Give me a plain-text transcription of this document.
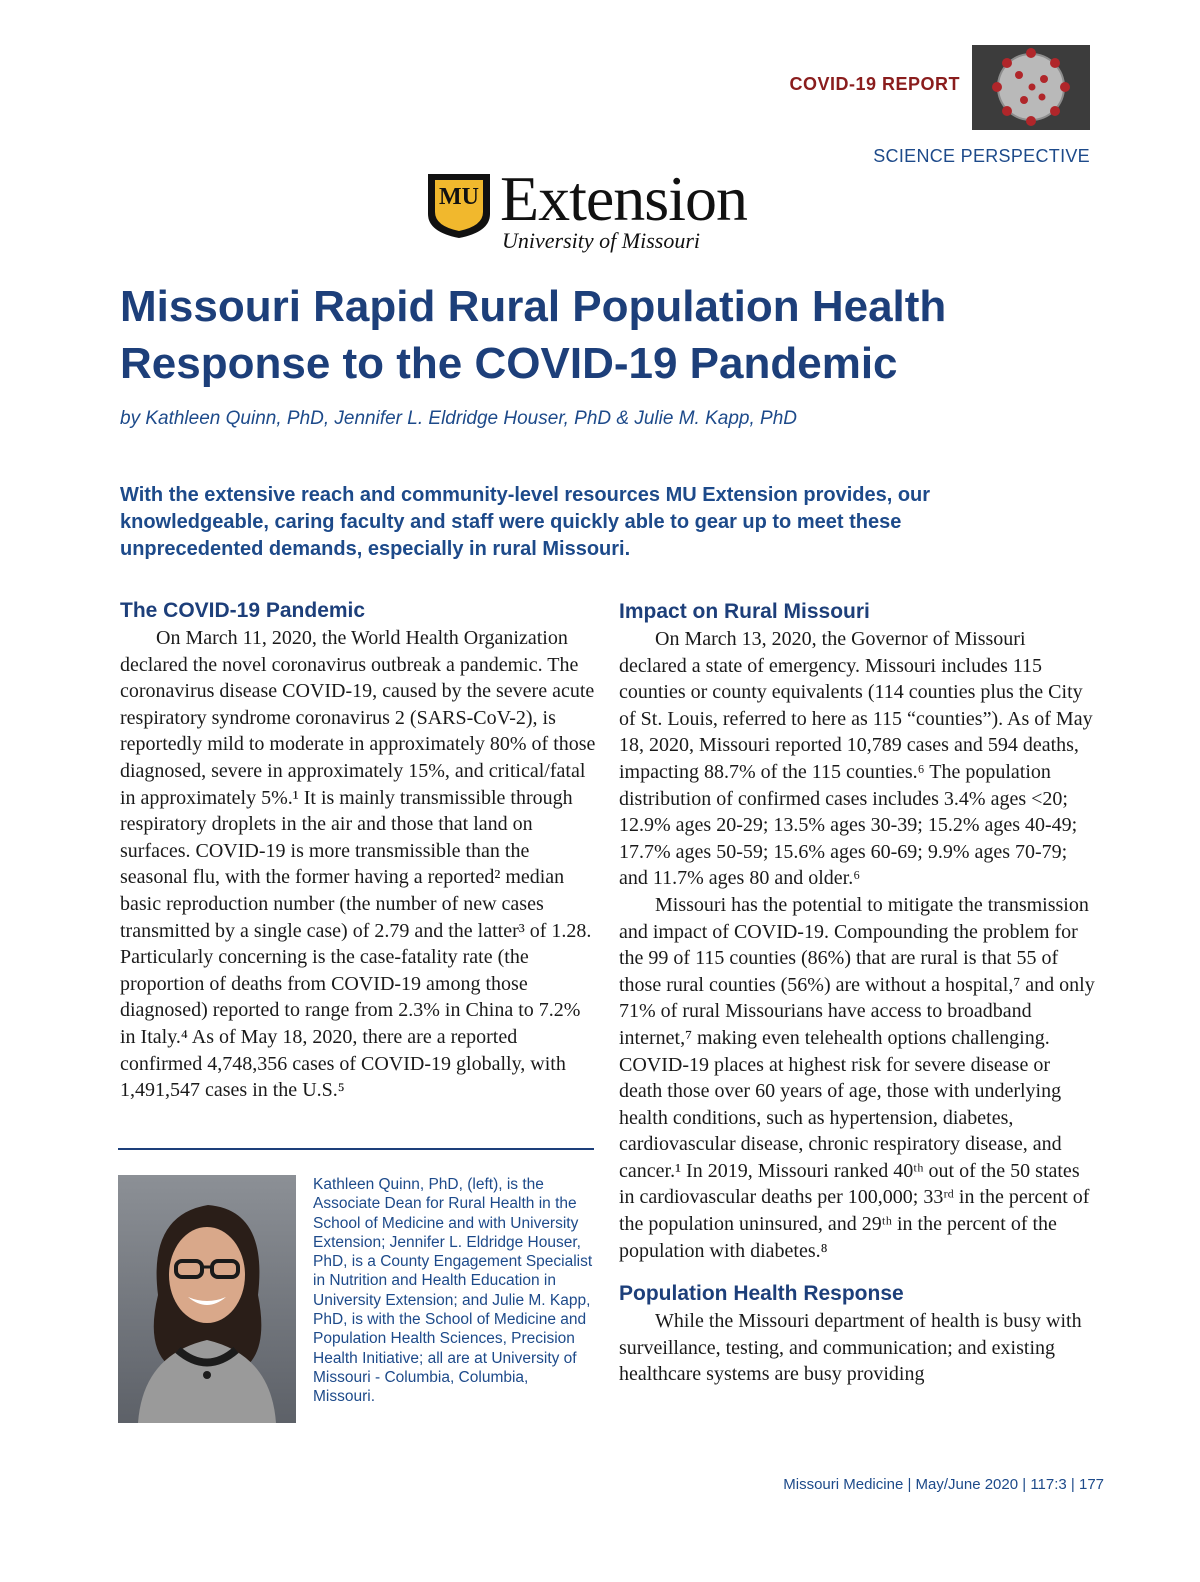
COVID-19 REPORT
SCIENCE PERSPECTIVE
MU Extension
University of Missouri
Missouri Rapid Rural Population Health
Response to the COVID-19 Pandemic
by Kathleen Quinn, PhD, Jennifer L. Eldridge Houser, PhD & Julie M. Kapp, PhD
With the extensive reach and community-level resources MU Extension provides, our knowledgeable, caring faculty and staff were quickly able to gear up to meet these unprecedented demands, especially in rural Missouri.
The COVID-19 Pandemic

On March 11, 2020, the World Health Organization declared the novel coronavirus outbreak a pandemic. The coronavirus disease COVID-19, caused by the severe acute respiratory syndrome coronavirus 2 (SARS-CoV-2), is reportedly mild to moderate in approximately 80% of those diagnosed, severe in approximately 15%, and critical/fatal in approximately 5%.¹ It is mainly transmissible through respiratory droplets in the air and those that land on surfaces. COVID-19 is more transmissible than the seasonal flu, with the former having a reported² median basic reproduction number (the number of new cases transmitted by a single case) of 2.79 and the latter³ of 1.28. Particularly concerning is the case-fatality rate (the proportion of deaths from COVID-19 among those diagnosed) reported to range from 2.3% in China to 7.2% in Italy.⁴ As of May 18, 2020, there are a reported confirmed 4,748,356 cases of COVID-19 globally, with 1,491,547 cases in the U.S.⁵

Kathleen Quinn, PhD, (left), is the Associate Dean for Rural Health in the School of Medicine and with University Extension; Jennifer L. Eldridge Houser, PhD, is a County Engagement Specialist in Nutrition and Health Education in University Extension; and Julie M. Kapp, PhD, is with the School of Medicine and Population Health Sciences, Precision Health Initiative; all are at University of Missouri - Columbia, Columbia, Missouri.
Impact on Rural Missouri

On March 13, 2020, the Governor of Missouri declared a state of emergency. Missouri includes 115 counties or county equivalents (114 counties plus the City of St. Louis, referred to here as 115 “counties”). As of May 18, 2020, Missouri reported 10,789 cases and 594 deaths, impacting 88.7% of the 115 counties.⁶ The population distribution of confirmed cases includes 3.4% ages <20; 12.9% ages 20-29; 13.5% ages 30-39; 15.2% ages 40-49; 17.7% ages 50-59; 15.6% ages 60-69; 9.9% ages 70-79; and 11.7% ages 80 and older.⁶

Missouri has the potential to mitigate the transmission and impact of COVID-19. Compounding the problem for the 99 of 115 counties (86%) that are rural is that 55 of those rural counties (56%) are without a hospital,⁷ and only 71% of rural Missourians have access to broadband internet,⁷ making even telehealth options challenging. COVID-19 places at highest risk for severe disease or death those over 60 years of age, those with underlying health conditions, such as hypertension, diabetes, cardiovascular disease, chronic respiratory disease, and cancer.¹ In 2019, Missouri ranked 40ᵗʰ out of the 50 states in cardiovascular deaths per 100,000; 33ʳᵈ in the percent of the population uninsured, and 29ᵗʰ in the percent of the population with diabetes.⁸

Population Health Response

While the Missouri department of health is busy with surveillance, testing, and communication; and existing healthcare systems are busy providing

Missouri Medicine | May/June 2020 | 117:3 | 177
